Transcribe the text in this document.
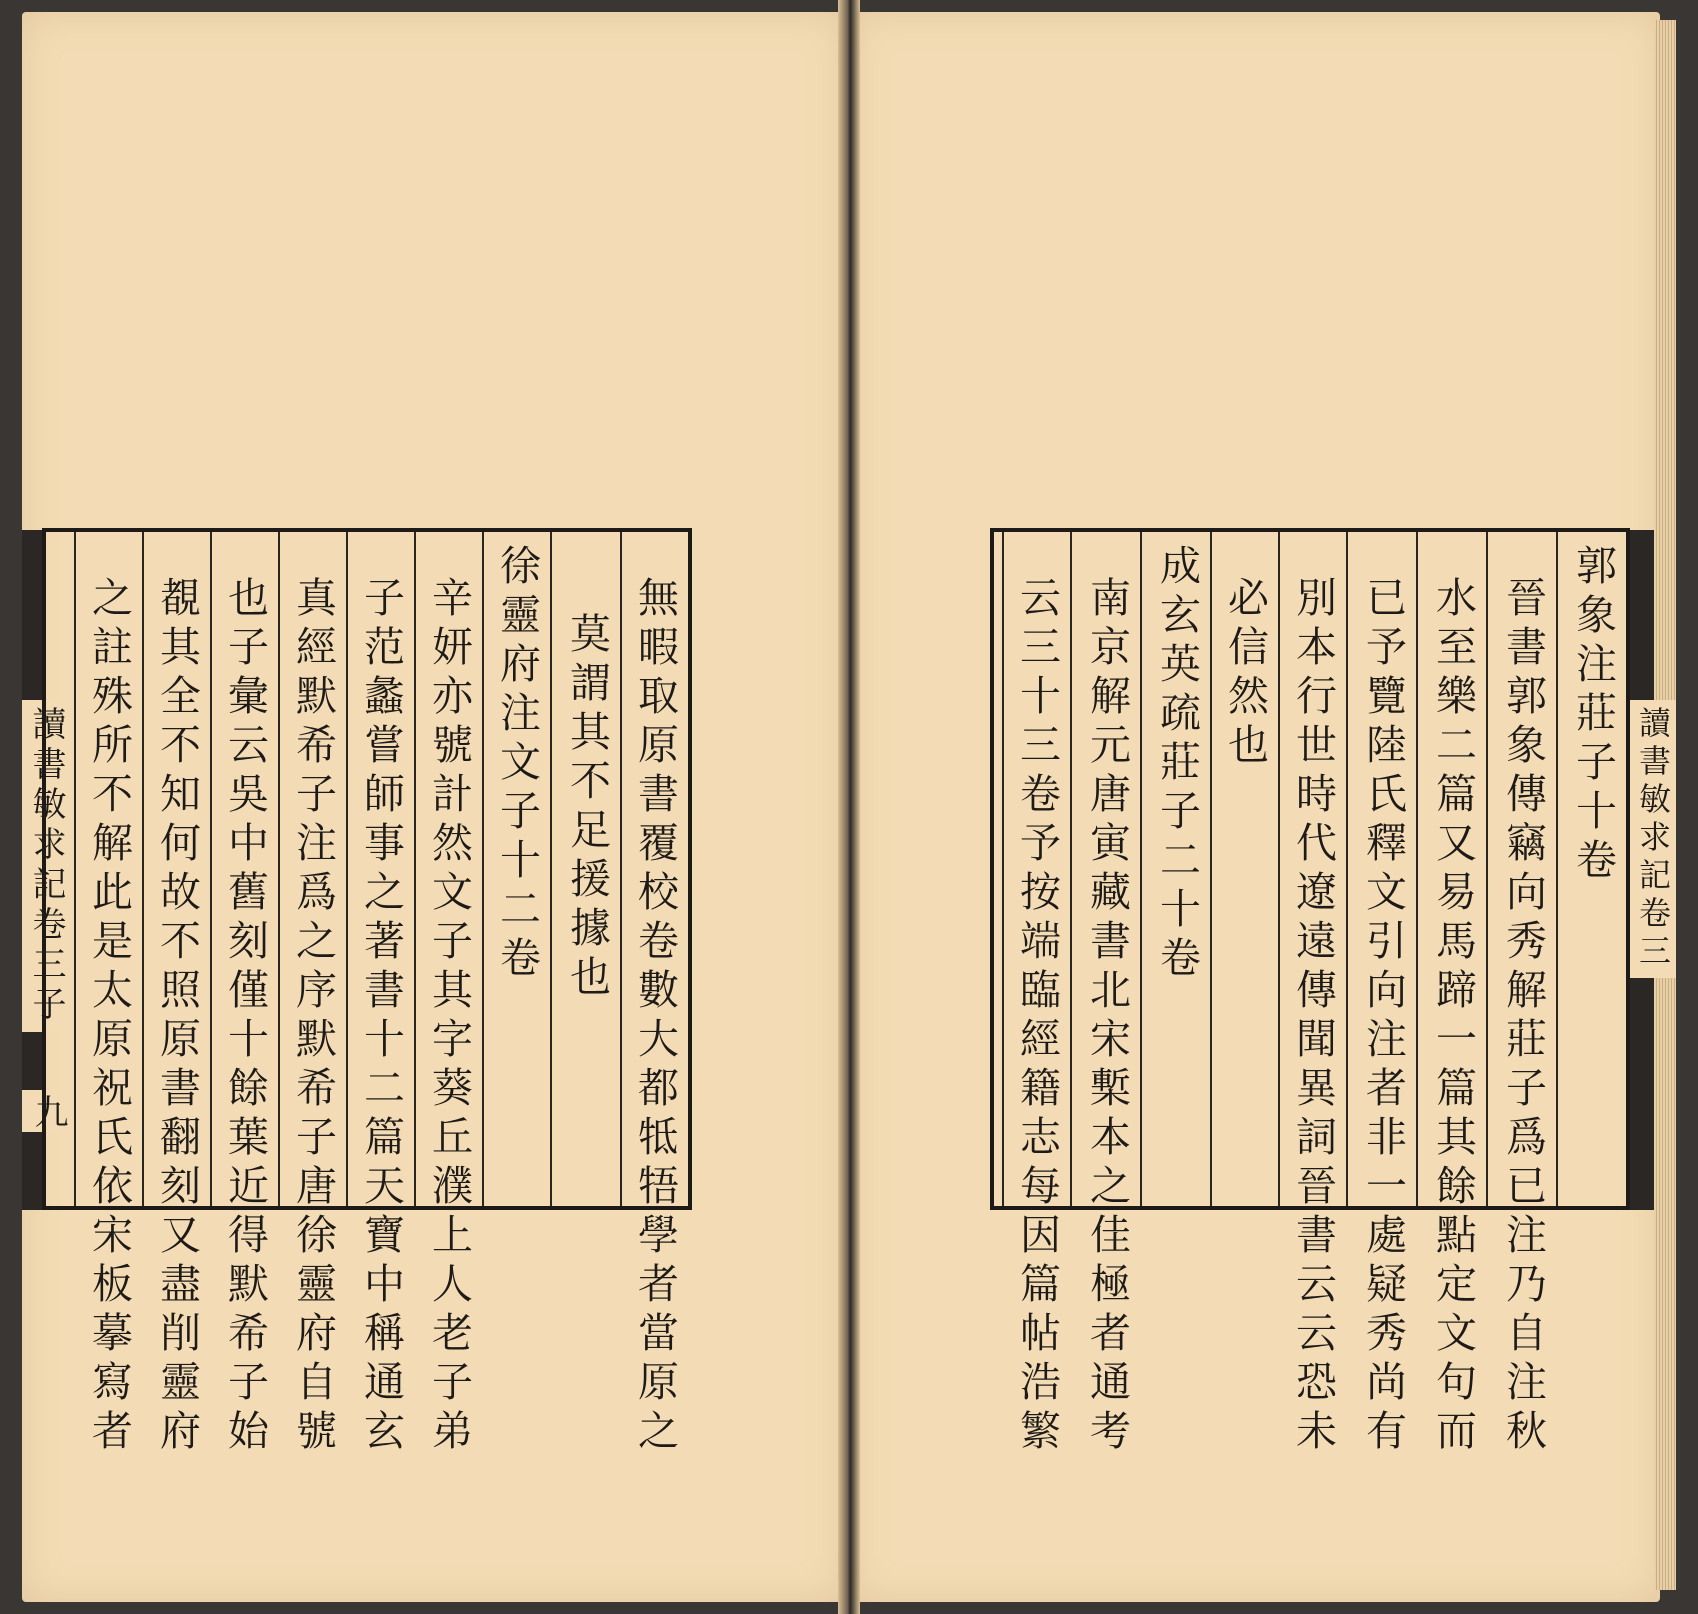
讀書敏求記卷三子	讀書敏求記卷三
九	無暇取原書覆校卷數大都牴牾學者當原之
莫謂其不足援據也
徐靈府注文子十二卷
辛妍亦號計然文子其字葵丘濮上人老子弟
子范蠡嘗師事之著書十二篇天寶中稱通玄
真經默希子注爲之序默希子唐徐靈府自號
也子彙云吳中舊刻僅十餘葉近得默希子始
覩其全不知何故不照原書翻刻又盡削靈府
之註殊所不解此是太原祝氏依宋板摹寫者	郭象注莊子十卷
晉書郭象傳竊向秀解莊子爲已注乃自注秋
水至樂二篇又易馬蹄一篇其餘點定文句而
已予覽陸氏釋文引向注者非一處疑秀尚有
別本行世時代遼遠傳聞異詞晉書云云恐未
必信然也
成玄英疏莊子二十卷
南京解元唐寅藏書北宋槧本之佳極者通考
云三十三卷予按端臨經籍志每因篇帖浩繁
